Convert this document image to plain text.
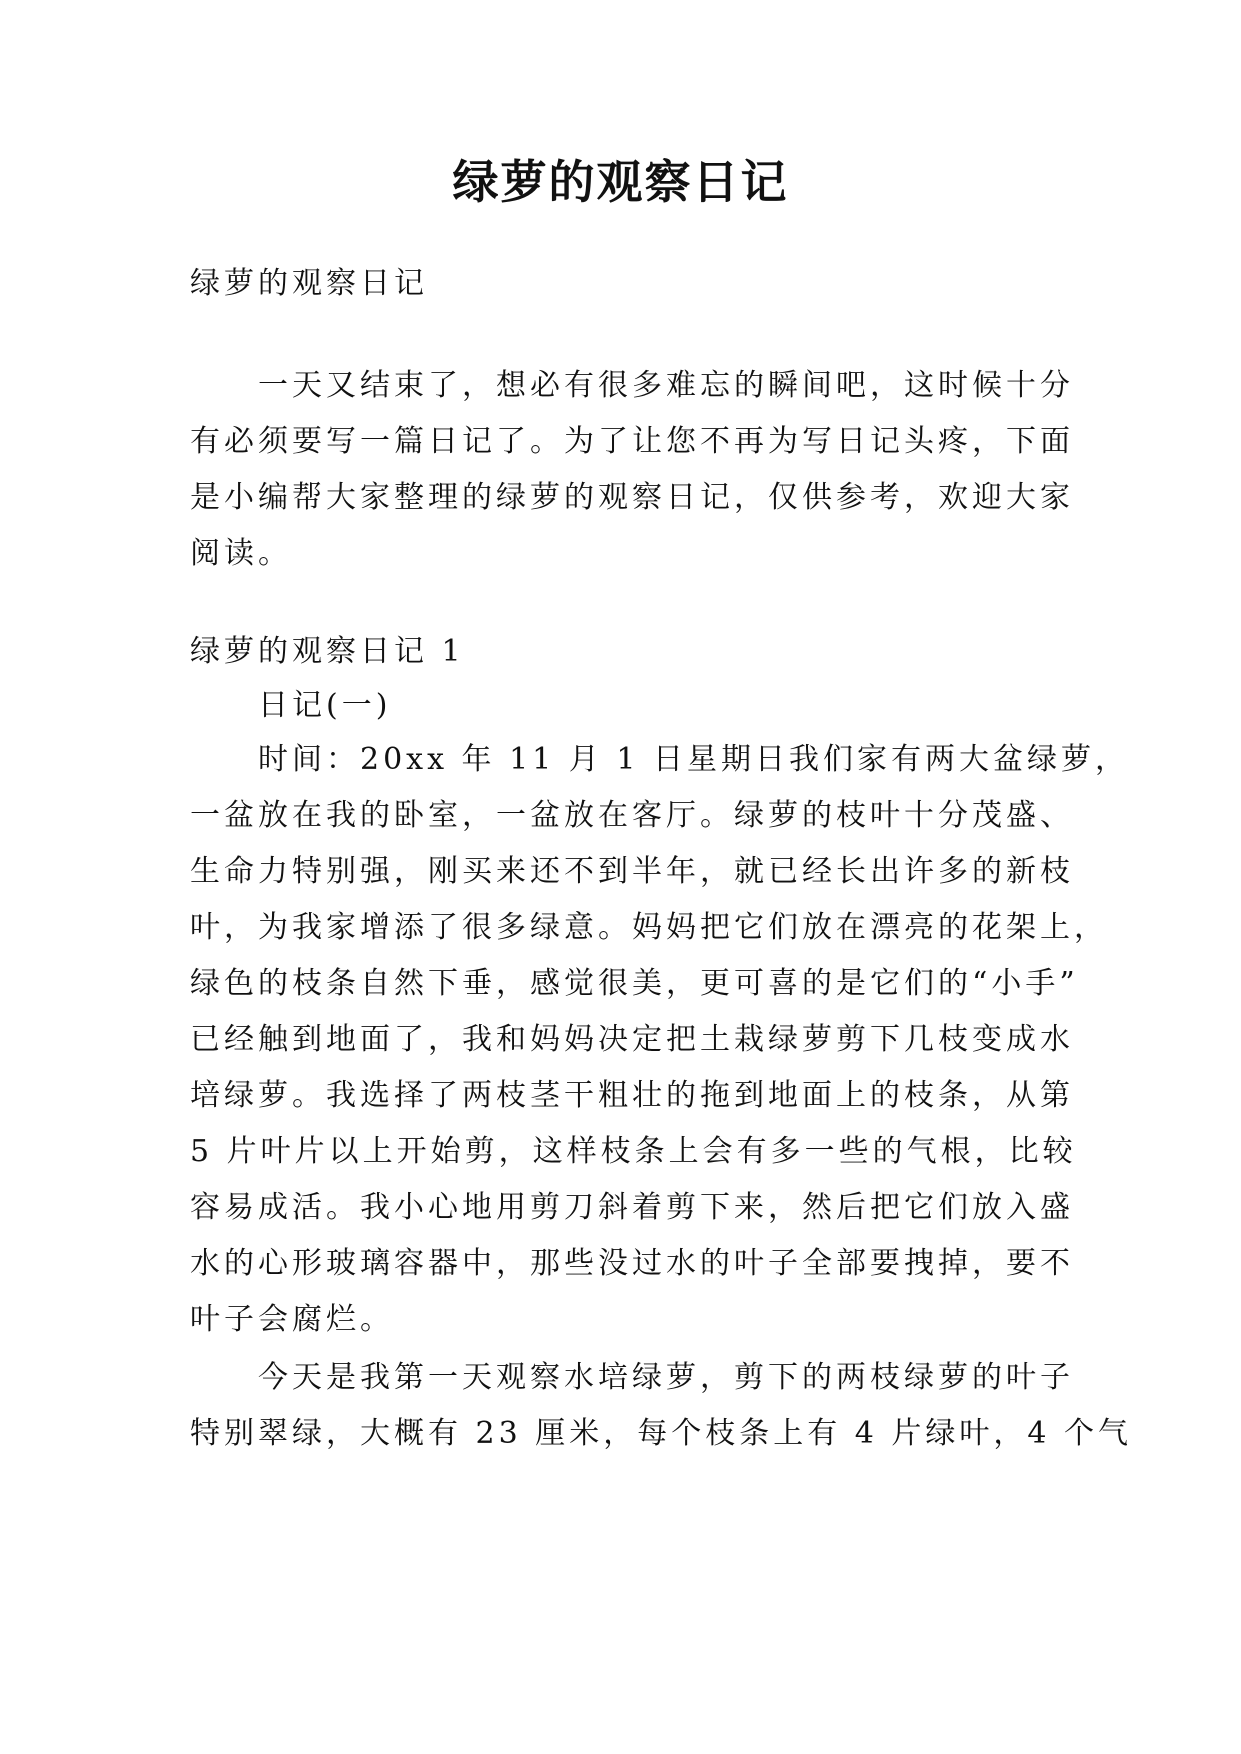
绿萝的观察日记
绿萝的观察日记
一天又结束了，想必有很多难忘的瞬间吧，这时候十分
有必须要写一篇日记了。为了让您不再为写日记头疼，下面
是小编帮大家整理的绿萝的观察日记，仅供参考，欢迎大家
阅读。
绿萝的观察日记 1
日记(一)
时间：20xx 年 11 月 1 日星期日我们家有两大盆绿萝，
一盆放在我的卧室，一盆放在客厅。绿萝的枝叶十分茂盛、
生命力特别强，刚买来还不到半年，就已经长出许多的新枝
叶，为我家增添了很多绿意。妈妈把它们放在漂亮的花架上，
绿色的枝条自然下垂，感觉很美，更可喜的是它们的“小手”
已经触到地面了，我和妈妈决定把土栽绿萝剪下几枝变成水
培绿萝。我选择了两枝茎干粗壮的拖到地面上的枝条，从第
5 片叶片以上开始剪，这样枝条上会有多一些的气根，比较
容易成活。我小心地用剪刀斜着剪下来，然后把它们放入盛
水的心形玻璃容器中，那些没过水的叶子全部要拽掉，要不
叶子会腐烂。
今天是我第一天观察水培绿萝，剪下的两枝绿萝的叶子
特别翠绿，大概有 23 厘米，每个枝条上有 4 片绿叶，4 个气
